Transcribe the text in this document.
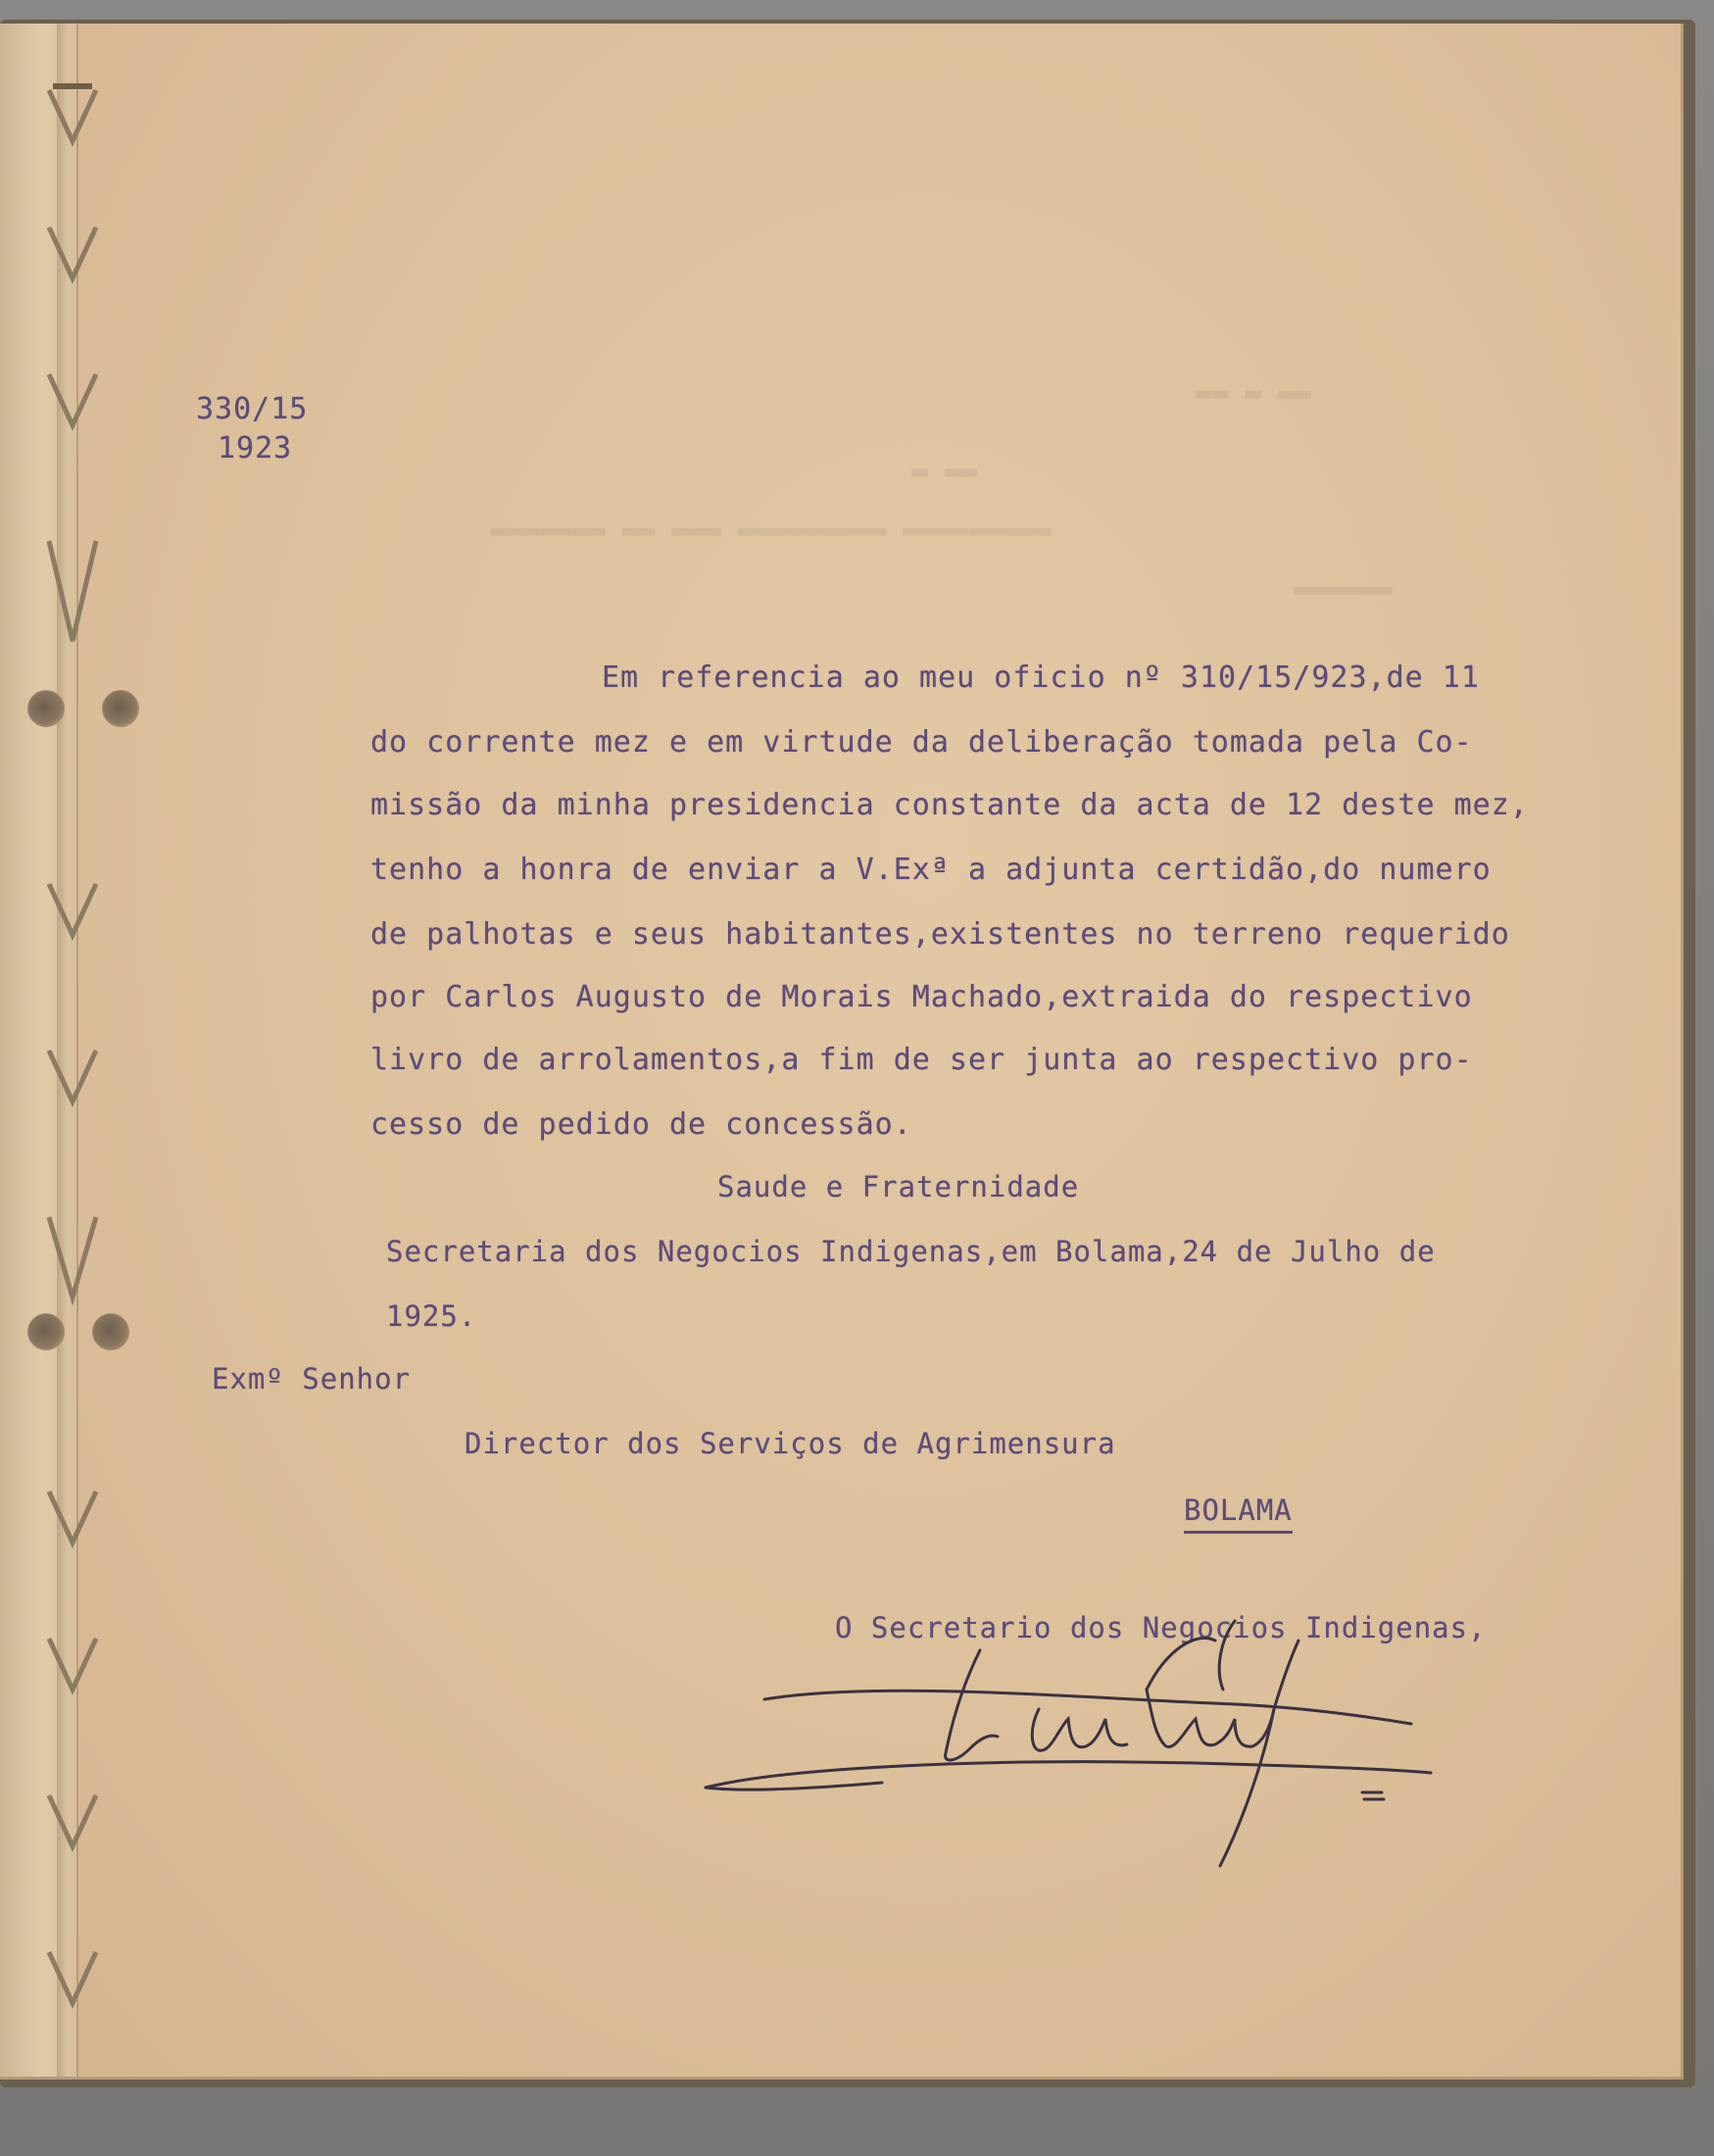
▬▬ ▬ ▬▬
▬ ▬▬
▬▬▬▬▬▬▬ ▬▬ ▬▬▬ ▬▬▬▬▬▬▬▬▬ ▬▬▬▬▬▬▬▬▬
▬▬▬▬▬▬
330/15
1923
Em referencia ao meu oficio nº 310/15/923,de 11
do corrente mez e em virtude da deliberação tomada pela Co-
missão da minha presidencia constante da acta de 12 deste mez,
tenho a honra de enviar a V.Exª a adjunta certidão,do numero
de palhotas e seus habitantes,existentes no terreno requerido
por Carlos Augusto de Morais Machado,extraida do respectivo
livro de arrolamentos,a fim de ser junta ao respectivo pro-
cesso de pedido de concessão.
Saude e Fraternidade
Secretaria dos Negocios Indigenas,em Bolama,24 de Julho de
1925.
Exmº Senhor
Director dos Serviços de Agrimensura
BOLAMA
O Secretario dos Negocios Indigenas,
